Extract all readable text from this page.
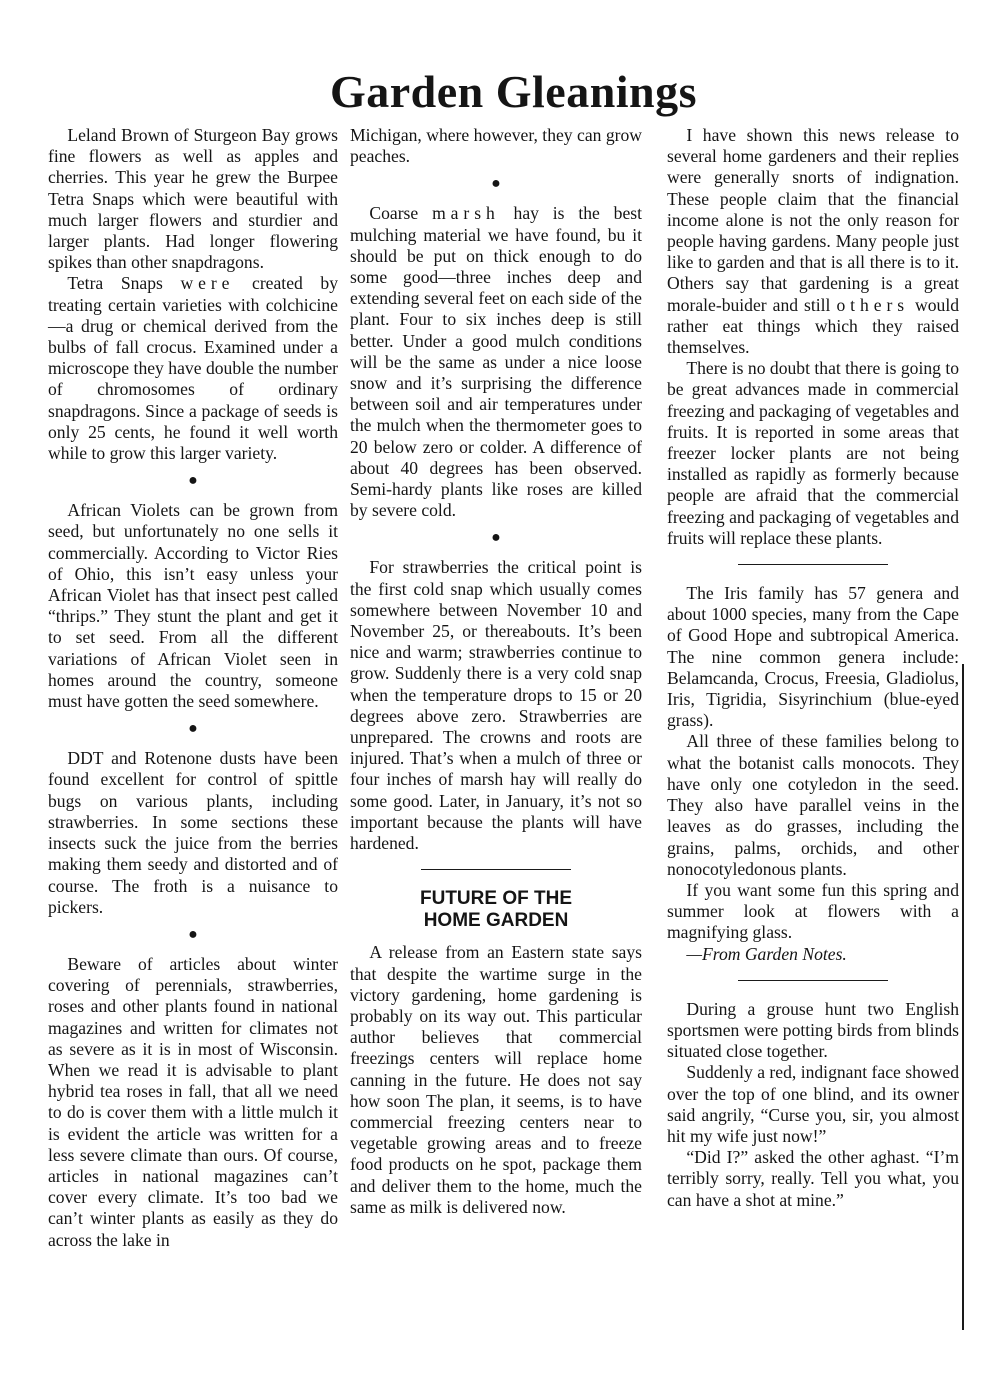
Garden Gleanings

Leland Brown of Sturgeon Bay grows fine flowers as well as apples and cherries. This year he grew the Burpee Tetra Snaps which were beautiful with much larger flowers and sturdier and larger plants. Had longer flowering spikes than other snapdragons.

Tetra Snaps were created by treating certain varieties with colchicine—a drug or chemical derived from the bulbs of fall crocus. Examined under a microscope they have double the number of chromosomes of ordinary snapdragons. Since a package of seeds is only 25 cents, he found it well worth while to grow this larger variety.

●

African Violets can be grown from seed, but unfortunately no one sells it commercially. According to Victor Ries of Ohio, this isn’t easy unless your African Violet has that insect pest called “thrips.” They stunt the plant and get it to set seed. From all the different variations of African Violet seen in homes around the country, someone must have gotten the seed somewhere.

●

DDT and Rotenone dusts have been found excellent for control of spittle bugs on various plants, including strawberries. In some sections these insects suck the juice from the berries making them seedy and distorted and of course. The froth is a nuisance to pickers.

●

Beware of articles about winter covering of perennials, strawberries, roses and other plants found in national magazines and written for climates not as severe as it is in most of Wisconsin. When we read it is advisable to plant hybrid tea roses in fall, that all we need to do is cover them with a little mulch it is evident the article was written for a less severe climate than ours. Of course, articles in national magazines can’t cover every climate. It’s too bad we can’t winter plants as easily as they do across the lake in

Michigan, where however, they can grow peaches.

●

Coarse marsh hay is the best mulching material we have found, bu it should be put on thick enough to do some good—three inches deep and extending several feet on each side of the plant. Four to six inches deep is still better. Under a good mulch conditions will be the same as under a nice loose snow and it’s surprising the difference between soil and air temperatures under the mulch when the thermometer goes to 20 below zero or colder. A difference of about 40 degrees has been observed. Semi-hardy plants like roses are killed by severe cold.

●

For strawberries the critical point is the first cold snap which usually comes somewhere between November 10 and November 25, or thereabouts. It’s been nice and warm; strawberries continue to grow. Suddenly there is a very cold snap when the temperature drops to 15 or 20 degrees above zero. Strawberries are unprepared. The crowns and roots are injured. That’s when a mulch of three or four inches of marsh hay will really do some good. Later, in January, it’s not so important because the plants will have hardened.

FUTURE OF THE
HOME GARDEN

A release from an Eastern state says that despite the wartime surge in the victory gardening, home gardening is probably on its way out. This particular author believes that commercial freezings centers will replace home canning in the future. He does not say how soon The plan, it seems, is to have commercial freezing centers near to vegetable growing areas and to freeze food products on he spot, package them and deliver them to the home, much the same as milk is delivered now.

I have shown this news release to several home gardeners and their replies were generally snorts of indignation. These people claim that the financial income alone is not the only reason for people having gardens. Many people just like to garden and that is all there is to it. Others say that gardening is a great morale-buider and still others would rather eat things which they raised themselves.

There is no doubt that there is going to be great advances made in commercial freezing and packaging of vegetables and fruits. It is reported in some areas that freezer locker plants are not being installed as rapidly as formerly because people are afraid that the commercial freezing and packaging of vegetables and fruits will replace these plants.

The Iris family has 57 genera and about 1000 species, many from the Cape of Good Hope and subtropical America. The nine common genera include: Belamcanda, Crocus, Freesia, Gladiolus, Iris, Tigridia, Sisyrinchium (blue-eyed grass).

All three of these families belong to what the botanist calls monocots. They have only one cotyledon in the seed. They also have parallel veins in the leaves as do grasses, including the grains, palms, orchids, and other nonocotyledonous plants.

If you want some fun this spring and summer look at flowers with a magnifying glass.

—From Garden Notes.

During a grouse hunt two English sportsmen were potting birds from blinds situated close together.

Suddenly a red, indignant face showed over the top of one blind, and its owner said angrily, “Curse you, sir, you almost hit my wife just now!”

“Did I?” asked the other aghast. “I’m terribly sorry, really. Tell you what, you can have a shot at mine.”
